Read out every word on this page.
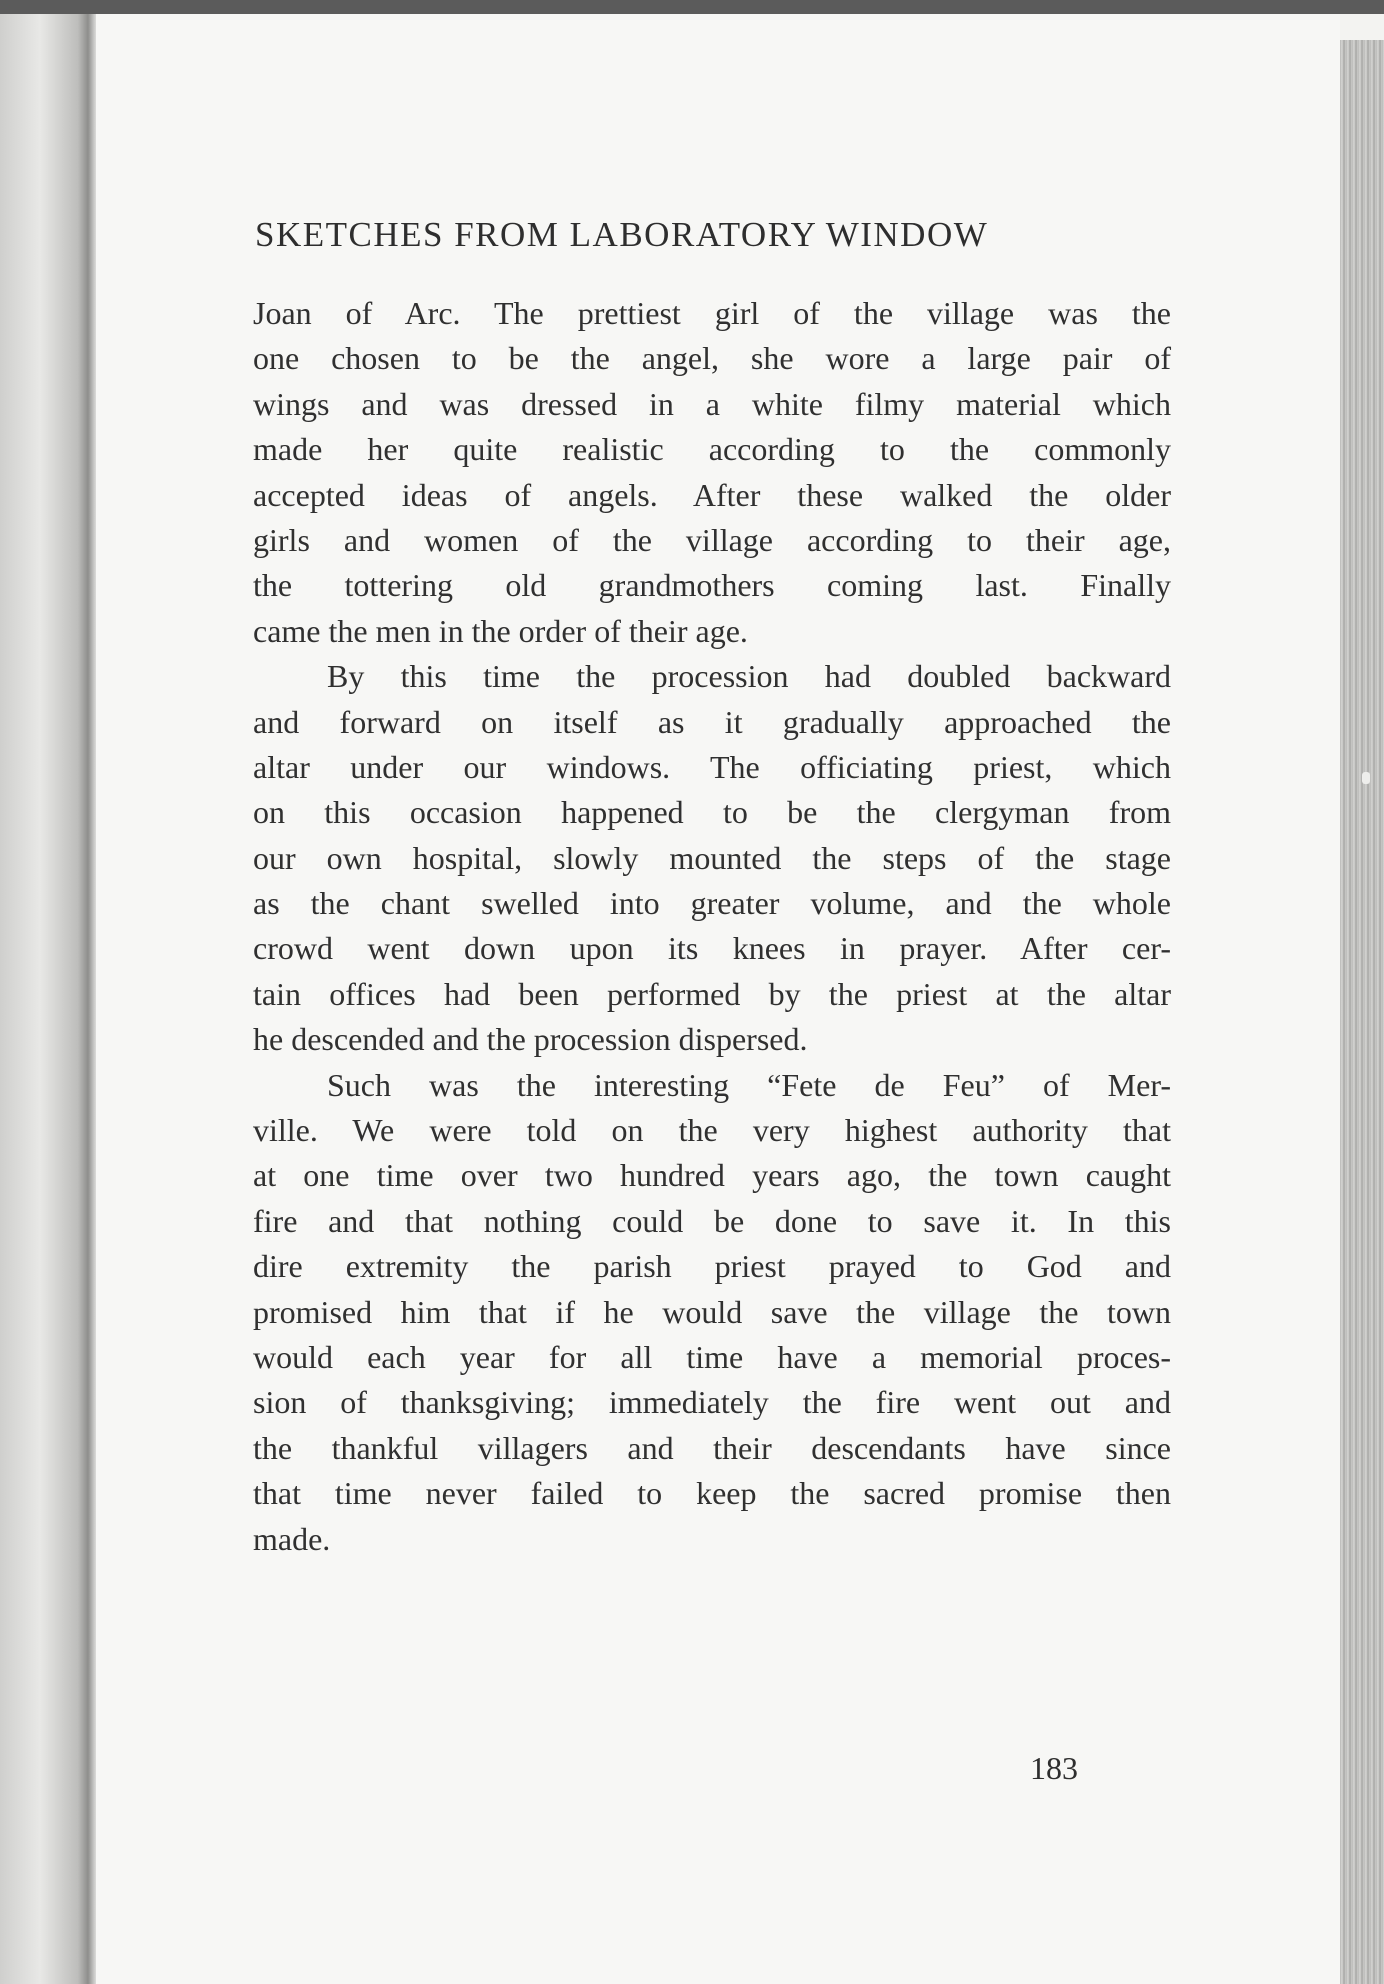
SKETCHES FROM LABORATORY WINDOW
Joan of Arc. The prettiest girl of the village was the
one chosen to be the angel, she wore a large pair of
wings and was dressed in a white filmy material which
made her quite realistic according to the commonly
accepted ideas of angels. After these walked the older
girls and women of the village according to their age,
the tottering old grandmothers coming last. Finally
came the men in the order of their age.
By this time the procession had doubled backward
and forward on itself as it gradually approached the
altar under our windows. The officiating priest, which
on this occasion happened to be the clergyman from
our own hospital, slowly mounted the steps of the stage
as the chant swelled into greater volume, and the whole
crowd went down upon its knees in prayer. After cer-
tain offices had been performed by the priest at the altar
he descended and the procession dispersed.
Such was the interesting “Fete de Feu” of Mer-
ville. We were told on the very highest authority that
at one time over two hundred years ago, the town caught
fire and that nothing could be done to save it. In this
dire extremity the parish priest prayed to God and
promised him that if he would save the village the town
would each year for all time have a memorial proces-
sion of thanksgiving; immediately the fire went out and
the thankful villagers and their descendants have since
that time never failed to keep the sacred promise then
made.
183
